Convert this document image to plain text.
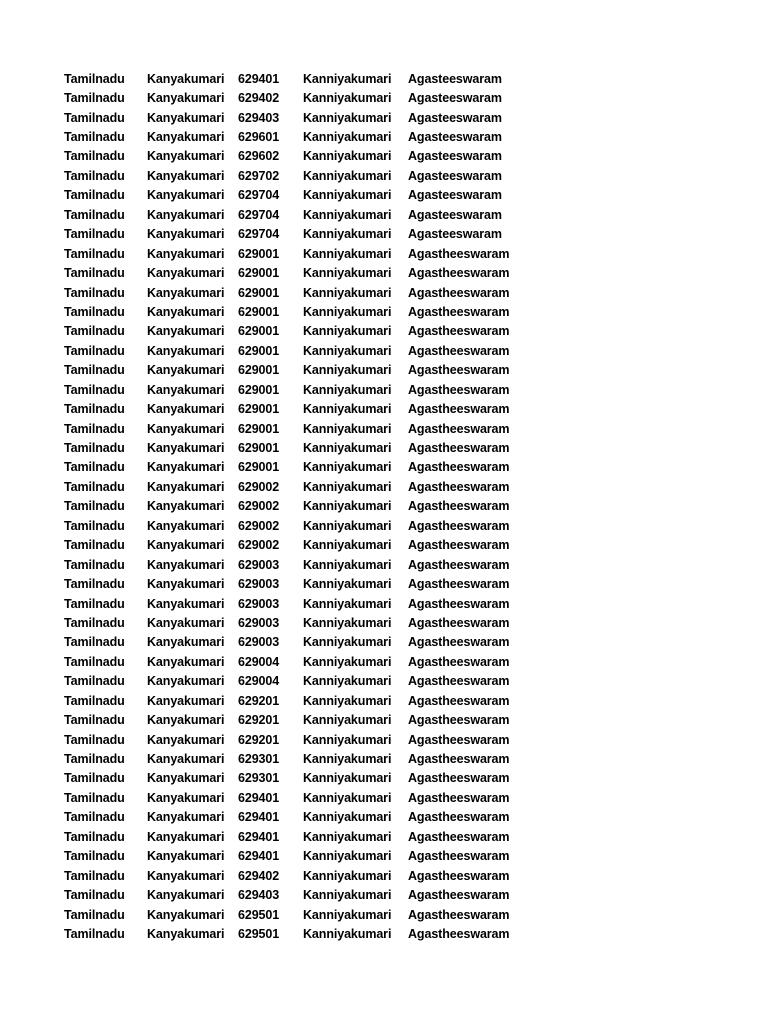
Tamilnadu	Kanyakumari	629401	Kanniyakumari	Agasteeswaram
Tamilnadu	Kanyakumari	629402	Kanniyakumari	Agasteeswaram
Tamilnadu	Kanyakumari	629403	Kanniyakumari	Agasteeswaram
Tamilnadu	Kanyakumari	629601	Kanniyakumari	Agasteeswaram
Tamilnadu	Kanyakumari	629602	Kanniyakumari	Agasteeswaram
Tamilnadu	Kanyakumari	629702	Kanniyakumari	Agasteeswaram
Tamilnadu	Kanyakumari	629704	Kanniyakumari	Agasteeswaram
Tamilnadu	Kanyakumari	629704	Kanniyakumari	Agasteeswaram
Tamilnadu	Kanyakumari	629704	Kanniyakumari	Agasteeswaram
Tamilnadu	Kanyakumari	629001	Kanniyakumari	Agastheeswaram
Tamilnadu	Kanyakumari	629001	Kanniyakumari	Agastheeswaram
Tamilnadu	Kanyakumari	629001	Kanniyakumari	Agastheeswaram
Tamilnadu	Kanyakumari	629001	Kanniyakumari	Agastheeswaram
Tamilnadu	Kanyakumari	629001	Kanniyakumari	Agastheeswaram
Tamilnadu	Kanyakumari	629001	Kanniyakumari	Agastheeswaram
Tamilnadu	Kanyakumari	629001	Kanniyakumari	Agastheeswaram
Tamilnadu	Kanyakumari	629001	Kanniyakumari	Agastheeswaram
Tamilnadu	Kanyakumari	629001	Kanniyakumari	Agastheeswaram
Tamilnadu	Kanyakumari	629001	Kanniyakumari	Agastheeswaram
Tamilnadu	Kanyakumari	629001	Kanniyakumari	Agastheeswaram
Tamilnadu	Kanyakumari	629001	Kanniyakumari	Agastheeswaram
Tamilnadu	Kanyakumari	629002	Kanniyakumari	Agastheeswaram
Tamilnadu	Kanyakumari	629002	Kanniyakumari	Agastheeswaram
Tamilnadu	Kanyakumari	629002	Kanniyakumari	Agastheeswaram
Tamilnadu	Kanyakumari	629002	Kanniyakumari	Agastheeswaram
Tamilnadu	Kanyakumari	629003	Kanniyakumari	Agastheeswaram
Tamilnadu	Kanyakumari	629003	Kanniyakumari	Agastheeswaram
Tamilnadu	Kanyakumari	629003	Kanniyakumari	Agastheeswaram
Tamilnadu	Kanyakumari	629003	Kanniyakumari	Agastheeswaram
Tamilnadu	Kanyakumari	629003	Kanniyakumari	Agastheeswaram
Tamilnadu	Kanyakumari	629004	Kanniyakumari	Agastheeswaram
Tamilnadu	Kanyakumari	629004	Kanniyakumari	Agastheeswaram
Tamilnadu	Kanyakumari	629201	Kanniyakumari	Agastheeswaram
Tamilnadu	Kanyakumari	629201	Kanniyakumari	Agastheeswaram
Tamilnadu	Kanyakumari	629201	Kanniyakumari	Agastheeswaram
Tamilnadu	Kanyakumari	629301	Kanniyakumari	Agastheeswaram
Tamilnadu	Kanyakumari	629301	Kanniyakumari	Agastheeswaram
Tamilnadu	Kanyakumari	629401	Kanniyakumari	Agastheeswaram
Tamilnadu	Kanyakumari	629401	Kanniyakumari	Agastheeswaram
Tamilnadu	Kanyakumari	629401	Kanniyakumari	Agastheeswaram
Tamilnadu	Kanyakumari	629401	Kanniyakumari	Agastheeswaram
Tamilnadu	Kanyakumari	629402	Kanniyakumari	Agastheeswaram
Tamilnadu	Kanyakumari	629403	Kanniyakumari	Agastheeswaram
Tamilnadu	Kanyakumari	629501	Kanniyakumari	Agastheeswaram
Tamilnadu	Kanyakumari	629501	Kanniyakumari	Agastheeswaram
